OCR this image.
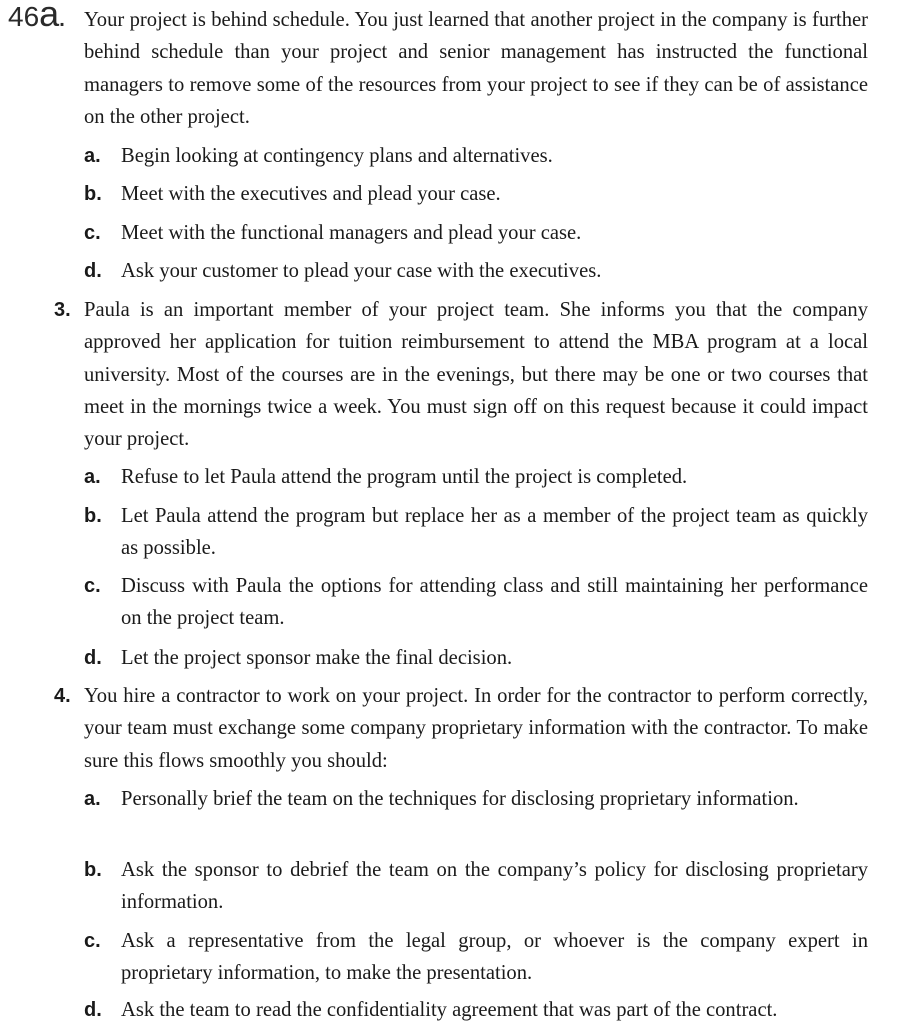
46a. Your project is behind schedule. You just learned that another project in the company is further behind schedule than your project and senior management has instructed the functional managers to remove some of the resources from your project to see if they can be of assistance on the other project.
a. Begin looking at contingency plans and alternatives.
b. Meet with the executives and plead your case.
c. Meet with the functional managers and plead your case.
d. Ask your customer to plead your case with the executives.
3. Paula is an important member of your project team. She informs you that the company approved her application for tuition reimbursement to attend the MBA program at a local university. Most of the courses are in the evenings, but there may be one or two courses that meet in the mornings twice a week. You must sign off on this request because it could impact your project.
a. Refuse to let Paula attend the program until the project is completed.
b. Let Paula attend the program but replace her as a member of the project team as quickly as possible.
c. Discuss with Paula the options for attending class and still maintaining her performance on the project team.
d. Let the project sponsor make the final decision.
4. You hire a contractor to work on your project. In order for the contractor to perform correctly, your team must exchange some company proprietary information with the contractor. To make sure this flows smoothly you should:
a. Personally brief the team on the techniques for disclosing proprietary information.
b. Ask the sponsor to debrief the team on the company’s policy for disclosing proprietary information.
c. Ask a representative from the legal group, or whoever is the company expert in proprietary information, to make the presentation.
d. Ask the team to read the confidentiality agreement that was part of the contract.
